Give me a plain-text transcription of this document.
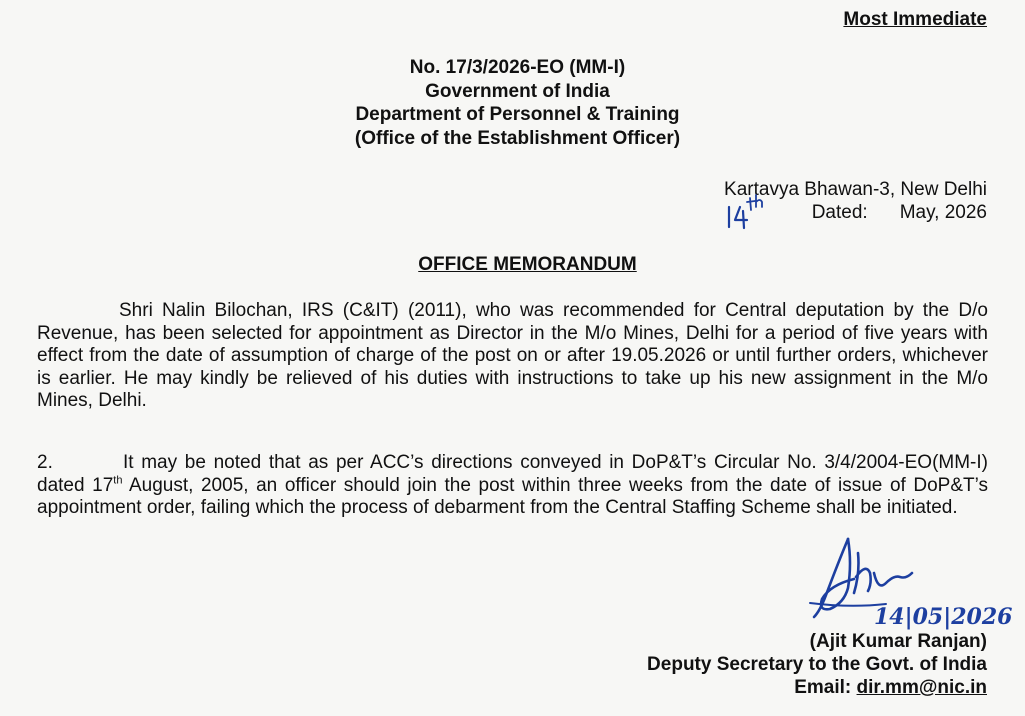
Most Immediate
No. 17/3/2026-EO (MM-I)
Government of India
Department of Personnel & Training
(Office of the Establishment Officer)
Kartavya Bhawan-3, New Delhi
Dated: May, 2026
OFFICE MEMORANDUM
Shri Nalin Bilochan, IRS (C&IT) (2011), who was recommended for Central deputation by the D/o Revenue, has been selected for appointment as Director in the M/o Mines, Delhi for a period of five years with effect from the date of assumption of charge of the post on or after 19.05.2026 or until further orders, whichever is earlier. He may kindly be relieved of his duties with instructions to take up his new assignment in the M/o Mines, Delhi.
2.	It may be noted that as per ACC’s directions conveyed in DoP&T’s Circular No. 3/4/2004-EO(MM-I) dated 17th August, 2005, an officer should join the post within three weeks from the date of issue of DoP&T’s appointment order, failing which the process of debarment from the Central Staffing Scheme shall be initiated.
14|05|2026
(Ajit Kumar Ranjan)
Deputy Secretary to the Govt. of India
Email: dir.mm@nic.in
